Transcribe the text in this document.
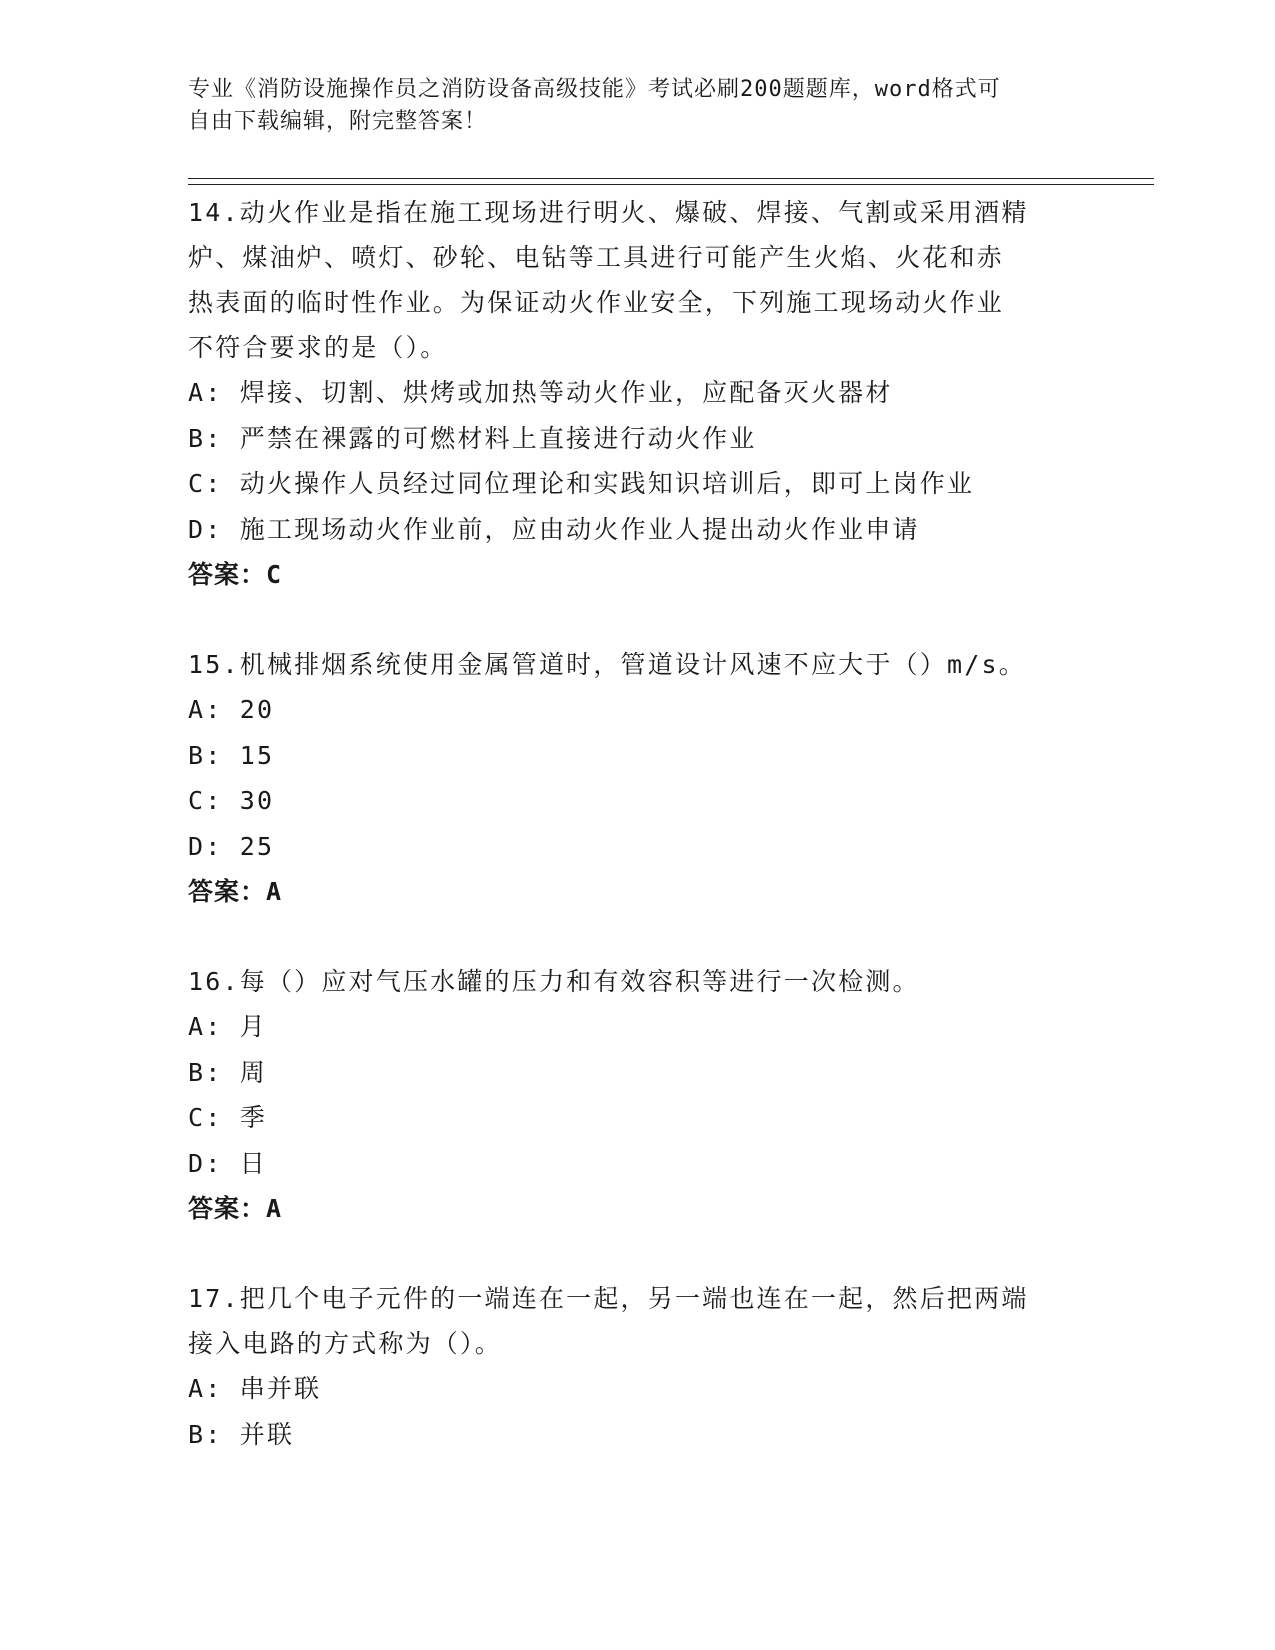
专业《消防设施操作员之消防设备高级技能》考试必刷200题题库，word格式可
自由下载编辑，附完整答案！
14.动火作业是指在施工现场进行明火、爆破、焊接、气割或采用酒精
炉、煤油炉、喷灯、砂轮、电钻等工具进行可能产生火焰、火花和赤
热表面的临时性作业。为保证动火作业安全，下列施工现场动火作业
不符合要求的是（）。
A: 焊接、切割、烘烤或加热等动火作业，应配备灭火器材
B: 严禁在裸露的可燃材料上直接进行动火作业
C: 动火操作人员经过同位理论和实践知识培训后，即可上岗作业
D: 施工现场动火作业前，应由动火作业人提出动火作业申请
答案：C
15.机械排烟系统使用金属管道时，管道设计风速不应大于（）m/s。
A: 20
B: 15
C: 30
D: 25
答案：A
16.每（）应对气压水罐的压力和有效容积等进行一次检测。
A: 月
B: 周
C: 季
D: 日
答案：A
17.把几个电子元件的一端连在一起，另一端也连在一起，然后把两端
接入电路的方式称为（）。
A: 串并联
B: 并联
